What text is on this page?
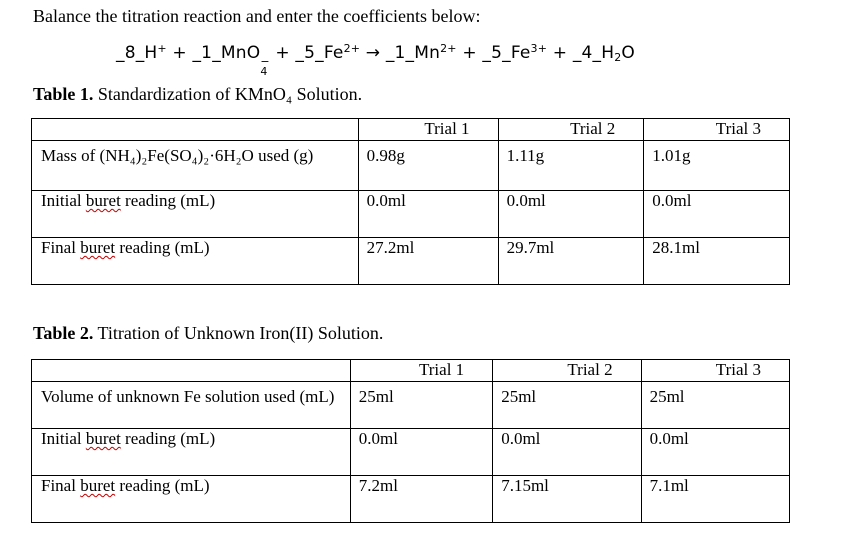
Balance the titration reaction and enter the coefficients below:
_8_H+ + _1_MnO −
4
+ $\_5\_Fe^{2+}$ → $\_1\_Mn^{2+}$ + $\_5\_Fe^{3+}$ + $\_4\_H_2O$
Table 1. Standardization of KMnO₄ Solution.
	Trial 1	Trial 2	Trial 3

Mass of (NH₄)₂Fe(SO₄)₂·6H₂O used (g)	0.98g	1.11g	1.01g

Initial buret reading (mL)	0.0ml	0.0ml	0.0ml

Final buret reading (mL)	27.2ml	29.7ml	28.1ml
Table 2. Titration of Unknown Iron(II) Solution.
	Trial 1	Trial 2	Trial 3

Volume of unknown Fe solution used (mL)	25ml	25ml	25ml

Initial buret reading (mL)	0.0ml	0.0ml	0.0ml

Final buret reading (mL)	7.2ml	7.15ml	7.1ml
